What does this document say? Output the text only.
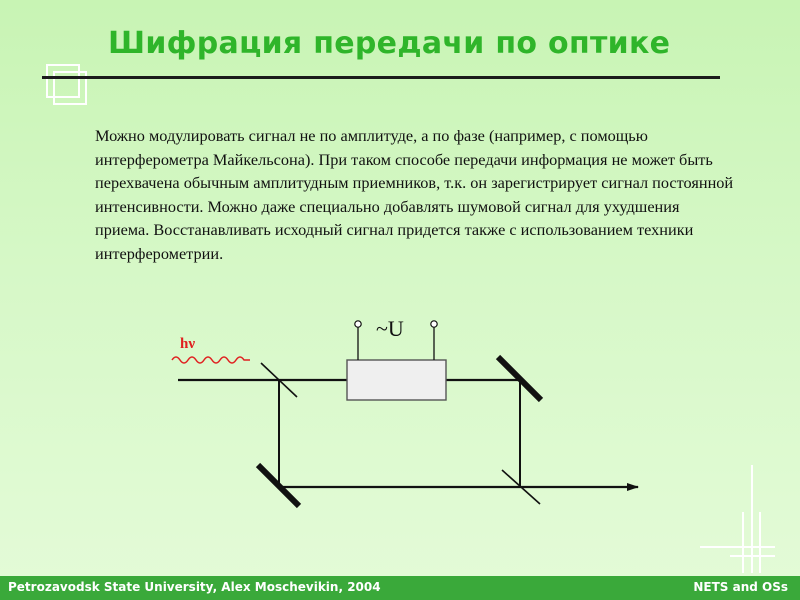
Шифрация передачи по оптике

Можно модулировать сигнал не по амплитуде, а по фазе (например, с помощью интерферометра Майкельсона). При таком способе передачи информация не может быть перехвачена обычным амплитудным приемников, т.к. он зарегистрирует сигнал постоянной интенсивности. Можно даже специально добавлять шумовой сигнал для ухудшения приема. Восстанавливать исходный сигнал придется также с использованием техники интерферометрии.

hν
~U
Petrozavodsk State University, Alex Moschevikin, 2004	NETS and OSs
